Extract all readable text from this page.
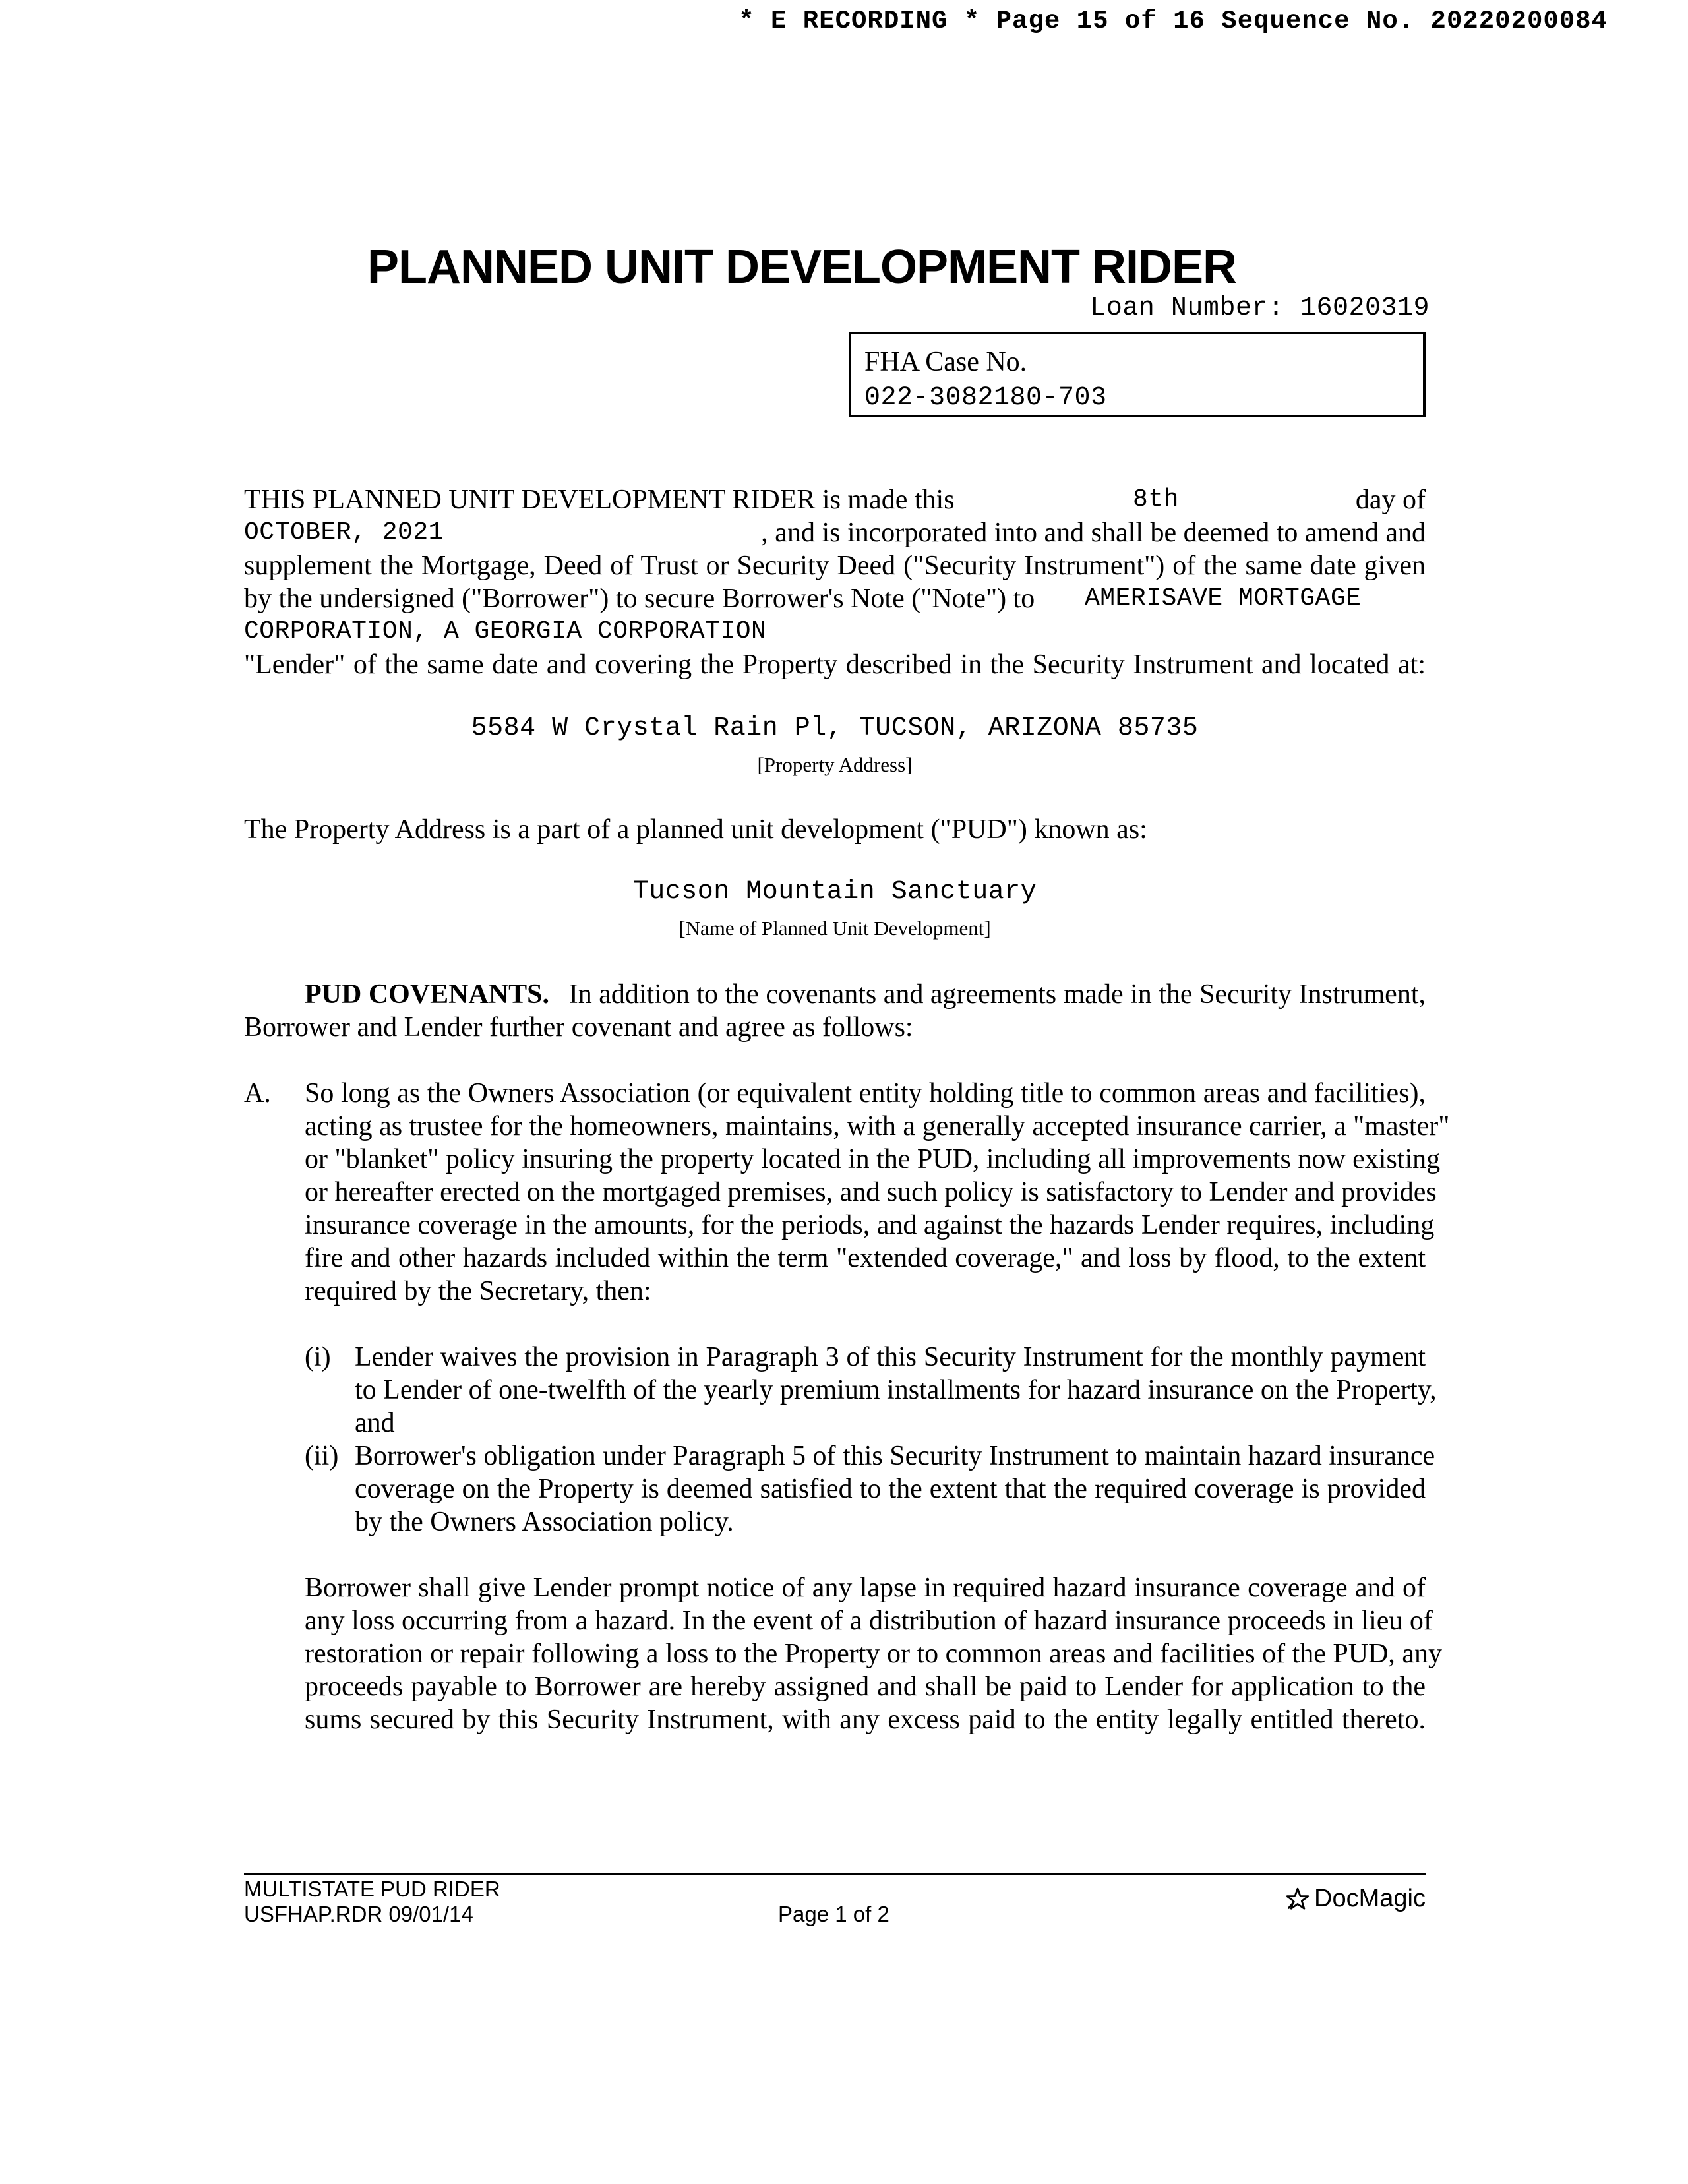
* E RECORDING * Page 15 of 16 Sequence No. 20220200084
PLANNED UNIT DEVELOPMENT RIDER
Loan Number: 16020319
FHA Case No.
022-3082180-703
THIS PLANNED UNIT DEVELOPMENT RIDER is made this	8th	day of
OCTOBER, 2021	, and is incorporated into and shall be deemed to amend and
supplement the Mortgage, Deed of Trust or Security Deed ("Security Instrument") of the same date given
by the undersigned ("Borrower") to secure Borrower's Note ("Note") to AMERISAVE MORTGAGE
CORPORATION, A GEORGIA CORPORATION
"Lender" of the same date and covering the Property described in the Security Instrument and located at:
5584 W Crystal Rain Pl, TUCSON, ARIZONA 85735
[Property Address]
The Property Address is a part of a planned unit development ("PUD") known as:
Tucson Mountain Sanctuary
[Name of Planned Unit Development]
PUD COVENANTS. In addition to the covenants and agreements made in the Security Instrument,
Borrower and Lender further covenant and agree as follows:
A. So long as the Owners Association (or equivalent entity holding title to common areas and facilities),
acting as trustee for the homeowners, maintains, with a generally accepted insurance carrier, a "master"
or "blanket" policy insuring the property located in the PUD, including all improvements now existing
or hereafter erected on the mortgaged premises, and such policy is satisfactory to Lender and provides
insurance coverage in the amounts, for the periods, and against the hazards Lender requires, including
fire and other hazards included within the term "extended coverage," and loss by flood, to the extent
required by the Secretary, then:
(i) Lender waives the provision in Paragraph 3 of this Security Instrument for the monthly payment
to Lender of one-twelfth of the yearly premium installments for hazard insurance on the Property,
and
(ii) Borrower's obligation under Paragraph 5 of this Security Instrument to maintain hazard insurance
coverage on the Property is deemed satisfied to the extent that the required coverage is provided
by the Owners Association policy.
Borrower shall give Lender prompt notice of any lapse in required hazard insurance coverage and of
any loss occurring from a hazard. In the event of a distribution of hazard insurance proceeds in lieu of
restoration or repair following a loss to the Property or to common areas and facilities of the PUD, any
proceeds payable to Borrower are hereby assigned and shall be paid to Lender for application to the
sums secured by this Security Instrument, with any excess paid to the entity legally entitled thereto.
MULTISTATE PUD RIDER
USFHAP.RDR 09/01/14	Page 1 of 2
DocMagic
